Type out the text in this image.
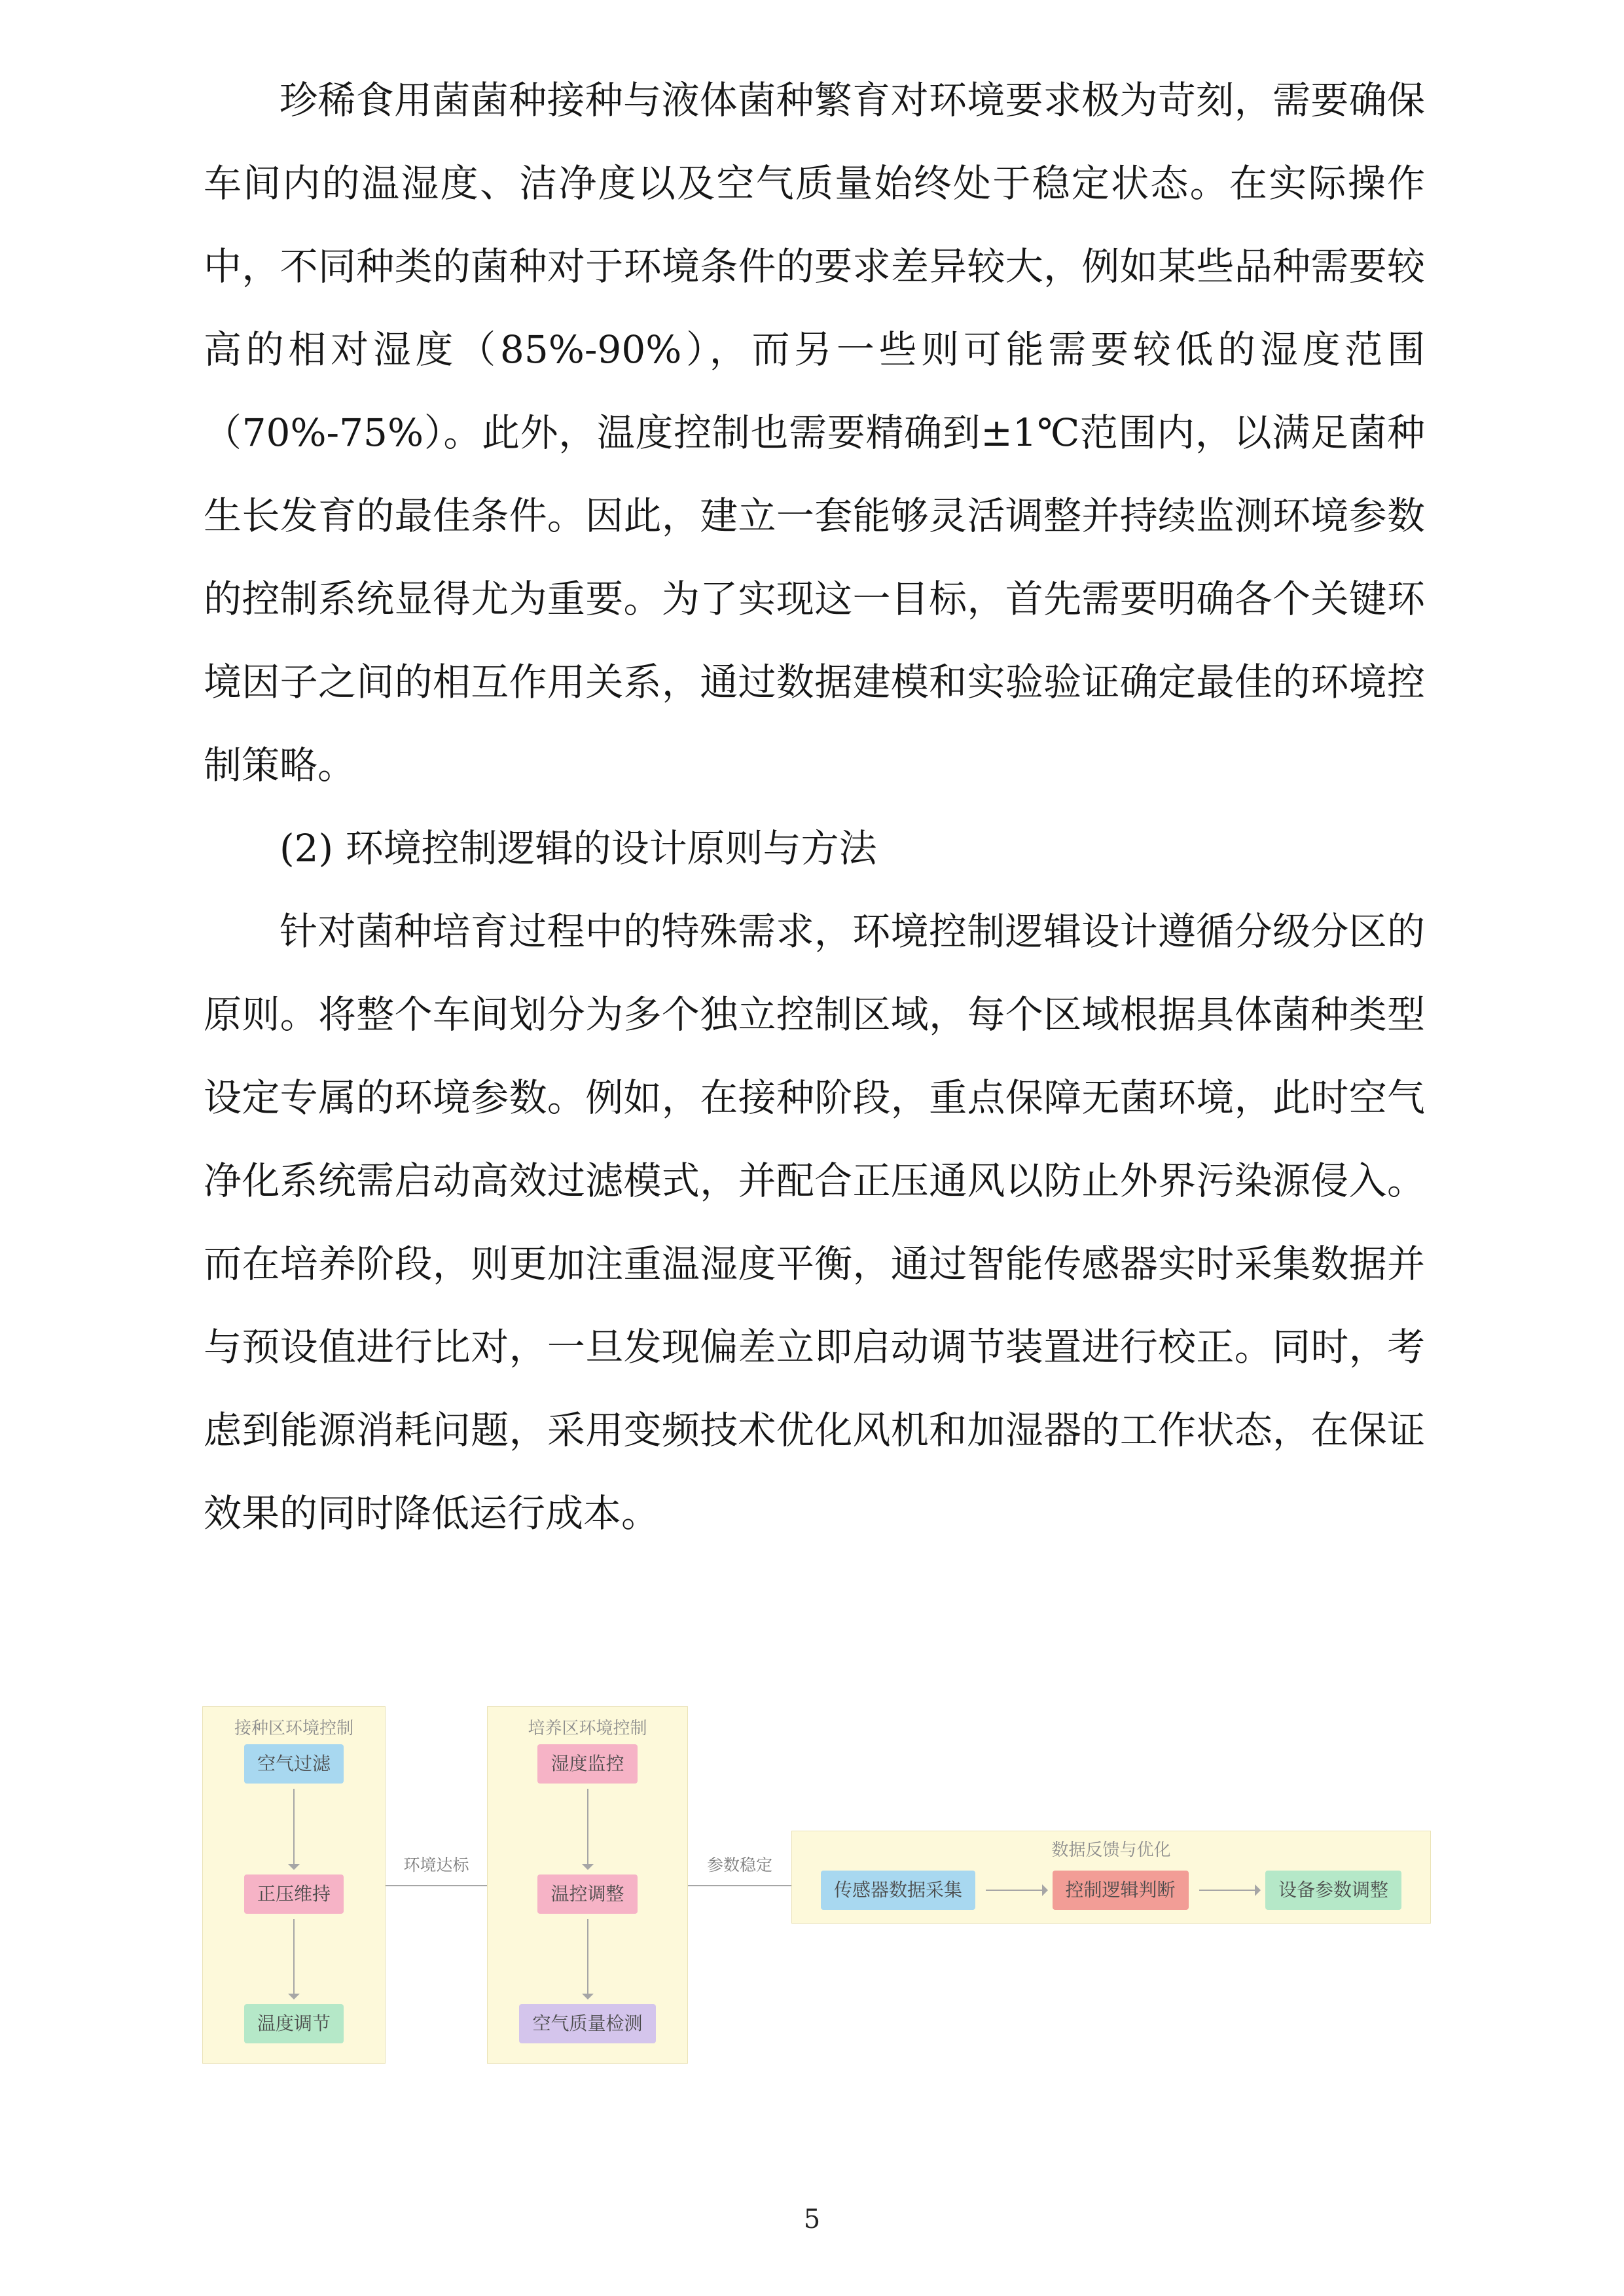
珍稀食用菌菌种接种与液体菌种繁育对环境要求极为苛刻，需要确保车间内的温湿度、洁净度以及空气质量始终处于稳定状态。在实际操作中，不同种类的菌种对于环境条件的要求差异较大，例如某些品种需要较高的相对湿度（85%-90%），而另一些则可能需要较低的湿度范围（70%-75%）。此外，温度控制也需要精确到±1℃范围内，以满足菌种生长发育的最佳条件。因此，建立一套能够灵活调整并持续监测环境参数的控制系统显得尤为重要。为了实现这一目标，首先需要明确各个关键环境因子之间的相互作用关系，通过数据建模和实验验证确定最佳的环境控制策略。

(2) 环境控制逻辑的设计原则与方法

针对菌种培育过程中的特殊需求，环境控制逻辑设计遵循分级分区的原则。将整个车间划分为多个独立控制区域，每个区域根据具体菌种类型设定专属的环境参数。例如，在接种阶段，重点保障无菌环境，此时空气净化系统需启动高效过滤模式，并配合正压通风以防止外界污染源侵入。而在培养阶段，则更加注重温湿度平衡，通过智能传感器实时采集数据并与预设值进行比对，一旦发现偏差立即启动调节装置进行校正。同时，考虑到能源消耗问题，采用变频技术优化风机和加湿器的工作状态，在保证效果的同时降低运行成本。

接种区环境控制
空气过滤
正压维持
温度调节
环境达标
培养区环境控制
湿度监控
温控调整
空气质量检测
参数稳定
数据反馈与优化
传感器数据采集	控制逻辑判断	设备参数调整
5
